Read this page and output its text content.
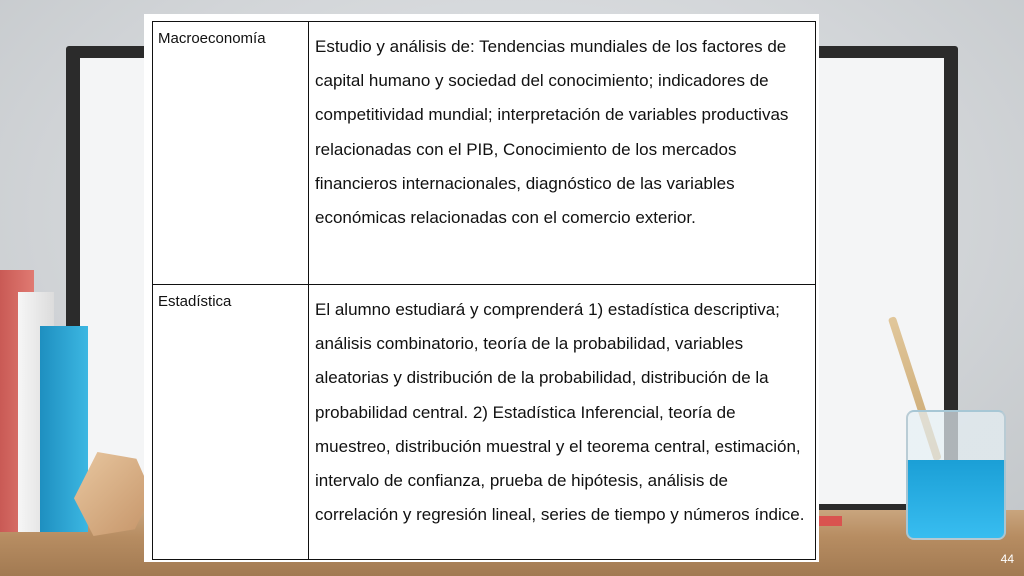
Macroeconomía	Estudio y análisis de: Tendencias mundiales de los factores de capital humano y sociedad del conocimiento; indicadores de competitividad mundial; interpretación de variables productivas relacionadas con el PIB, Conocimiento de los mercados financieros internacionales, diagnóstico de las variables económicas relacionadas con el comercio exterior.
Estadística	El alumno estudiará y comprenderá 1) estadística descriptiva; análisis combinatorio, teoría de la probabilidad, variables aleatorias y distribución de la probabilidad, distribución de la probabilidad central. 2) Estadística Inferencial, teoría de muestreo, distribución muestral y el teorema central, estimación, intervalo de confianza, prueba de hipótesis, análisis de correlación y regresión lineal, series de tiempo y números índice.
44
